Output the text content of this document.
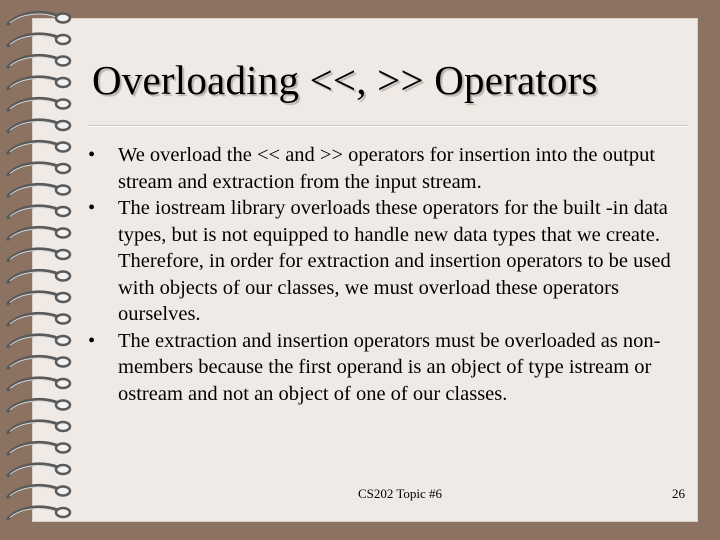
Overloading <<, >> Operators
•	We overload the << and >> operators for insertion into the output stream and extraction from the input stream.
•	The iostream library overloads these operators for the built -in data types, but is not equipped to handle new data types that we create. Therefore, in order for extraction and insertion operators to be used with objects of our classes, we must overload these operators ourselves.
•	The extraction and insertion operators must be overloaded as non-members because the first operand is an object of type istream or ostream and not an object of one of our classes.
CS202 Topic #6	26
